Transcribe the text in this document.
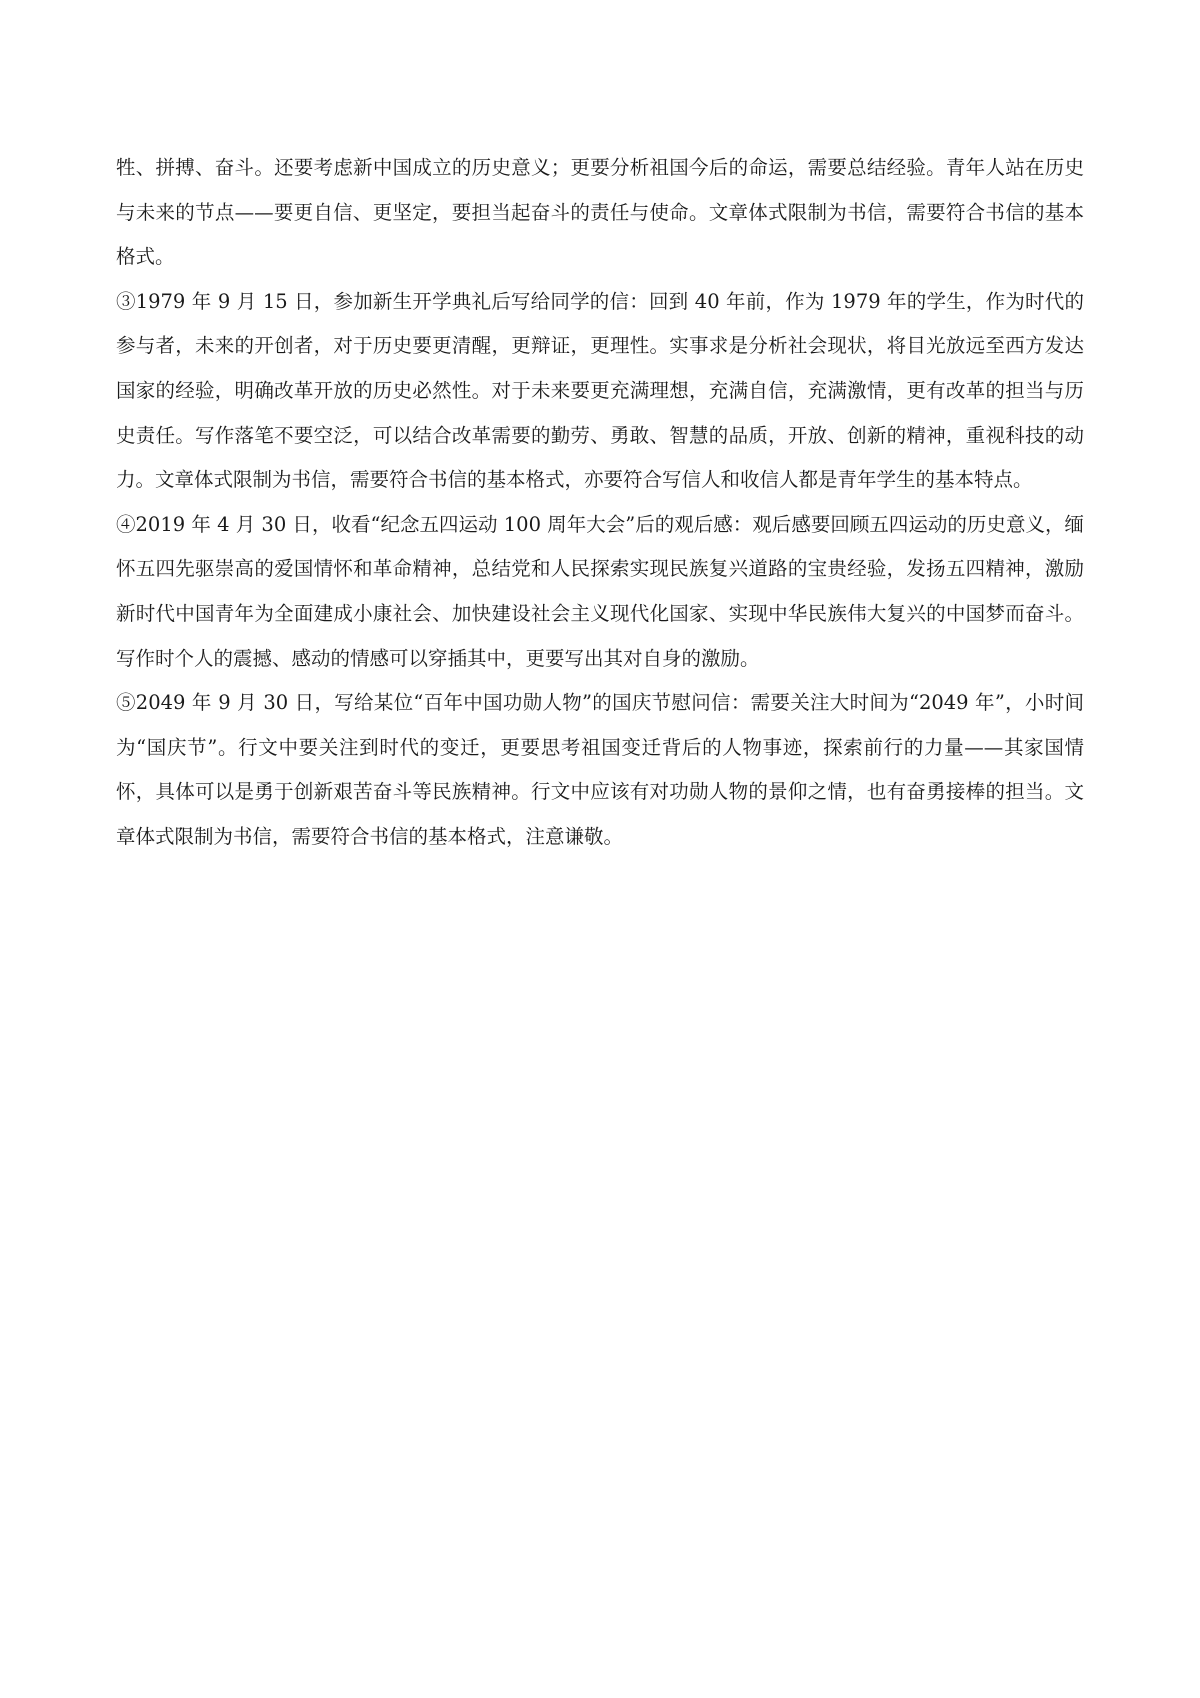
牲、拼搏、奋斗。还要考虑新中国成立的历史意义；更要分析祖国今后的命运，需要总结经验。青年人站在历史与未来的节点——要更自信、更坚定，要担当起奋斗的责任与使命。文章体式限制为书信，需要符合书信的基本格式。

③1979 年 9 月 15 日，参加新生开学典礼后写给同学的信：回到 40 年前，作为 1979 年的学生，作为时代的参与者，未来的开创者，对于历史要更清醒，更辩证，更理性。实事求是分析社会现状，将目光放远至西方发达国家的经验，明确改革开放的历史必然性。对于未来要更充满理想，充满自信，充满激情，更有改革的担当与历史责任。写作落笔不要空泛，可以结合改革需要的勤劳、勇敢、智慧的品质，开放、创新的精神，重视科技的动力。文章体式限制为书信，需要符合书信的基本格式，亦要符合写信人和收信人都是青年学生的基本特点。

④2019 年 4 月 30 日，收看“纪念五四运动 100 周年大会”后的观后感：观后感要回顾五四运动的历史意义，缅怀五四先驱崇高的爱国情怀和革命精神，总结党和人民探索实现民族复兴道路的宝贵经验，发扬五四精神，激励新时代中国青年为全面建成小康社会、加快建设社会主义现代化国家、实现中华民族伟大复兴的中国梦而奋斗。写作时个人的震撼、感动的情感可以穿插其中，更要写出其对自身的激励。

⑤2049 年 9 月 30 日，写给某位“百年中国功勋人物”的国庆节慰问信：需要关注大时间为“2049 年”，小时间为“国庆节”。行文中要关注到时代的变迁，更要思考祖国变迁背后的人物事迹，探索前行的力量——其家国情怀，具体可以是勇于创新艰苦奋斗等民族精神。行文中应该有对功勋人物的景仰之情，也有奋勇接棒的担当。文章体式限制为书信，需要符合书信的基本格式，注意谦敬。
